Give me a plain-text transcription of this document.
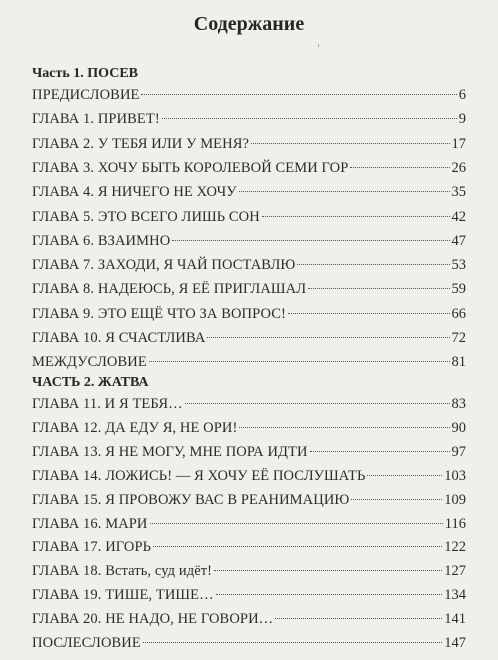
Содержание
Часть 1. ПОСЕВ
ПРЕДИСЛОВИЕ	6
ГЛАВА 1. ПРИВЕТ!	9
ГЛАВА 2. У ТЕБЯ ИЛИ У МЕНЯ?	17
ГЛАВА 3. ХОЧУ БЫТЬ КОРОЛЕВОЙ СЕМИ ГОР	26
ГЛАВА 4. Я НИЧЕГО НЕ ХОЧУ	35
ГЛАВА 5. ЭТО ВСЕГО ЛИШЬ СОН	42
ГЛАВА 6. ВЗАИМНО	47
ГЛАВА 7. ЗАХОДИ, Я ЧАЙ ПОСТАВЛЮ	53
ГЛАВА 8. НАДЕЮСЬ, Я ЕЁ ПРИГЛАШАЛ	59
ГЛАВА 9. ЭТО ЕЩЁ ЧТО ЗА ВОПРОС!	66
ГЛАВА 10. Я СЧАСТЛИВА	72
МЕЖДУСЛОВИЕ	81
ЧАСТЬ 2. ЖАТВА
ГЛАВА 11. И Я ТЕБЯ…	83
ГЛАВА 12. ДА ЕДУ Я, НЕ ОРИ!	90
ГЛАВА 13. Я НЕ МОГУ, МНЕ ПОРА ИДТИ	97
ГЛАВА 14. ЛОЖИСЬ! — Я ХОЧУ ЕЁ ПОСЛУШАТЬ	103
ГЛАВА 15. Я ПРОВОЖУ ВАС В РЕАНИМАЦИЮ	109
ГЛАВА 16. МАРИ	116
ГЛАВА 17. ИГОРЬ	122
ГЛАВА 18. Встать, суд идёт!	127
ГЛАВА 19. ТИШЕ, ТИШЕ…	134
ГЛАВА 20. НЕ НАДО, НЕ ГОВОРИ…	141
ПОСЛЕСЛОВИЕ	147
